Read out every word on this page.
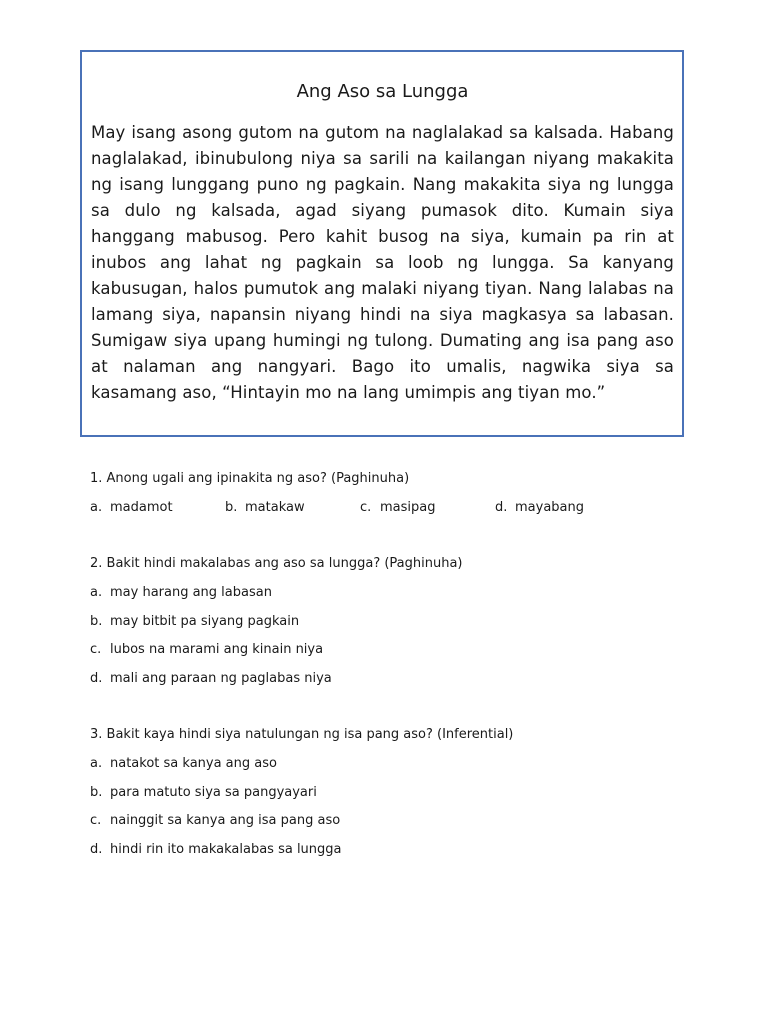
Ang Aso sa Lungga

May isang asong gutom na gutom na naglalakad sa kalsada. Habang naglalakad, ibinubulong niya sa sarili na kailangan niyang makakita ng isang lunggang puno ng pagkain. Nang makakita siya ng lungga sa dulo ng kalsada, agad siyang pumasok dito. Kumain siya hanggang mabusog. Pero kahit busog na siya, kumain pa rin at inubos ang lahat ng pagkain sa loob ng lungga. Sa kanyang kabusugan, halos pumutok ang malaki niyang tiyan. Nang lalabas na lamang siya, napansin niyang hindi na siya magkasya sa labasan. Sumigaw siya upang humingi ng tulong. Dumating ang isa pang aso at nalaman ang nangyari. Bago ito umalis, nagwika siya sa kasamang aso, “Hintayin mo na lang umimpis ang tiyan mo.”

1. Anong ugali ang ipinakita ng aso? (Paghinuha)
a. madamot	b. matakaw	c. masipag	d. mayabang
2. Bakit hindi makalabas ang aso sa lungga? (Paghinuha)
a. may harang ang labasan
b. may bitbit pa siyang pagkain
c. lubos na marami ang kinain niya
d. mali ang paraan ng paglabas niya
3. Bakit kaya hindi siya natulungan ng isa pang aso? (Inferential)
a. natakot sa kanya ang aso
b. para matuto siya sa pangyayari
c. nainggit sa kanya ang isa pang aso
d. hindi rin ito makakalabas sa lungga
